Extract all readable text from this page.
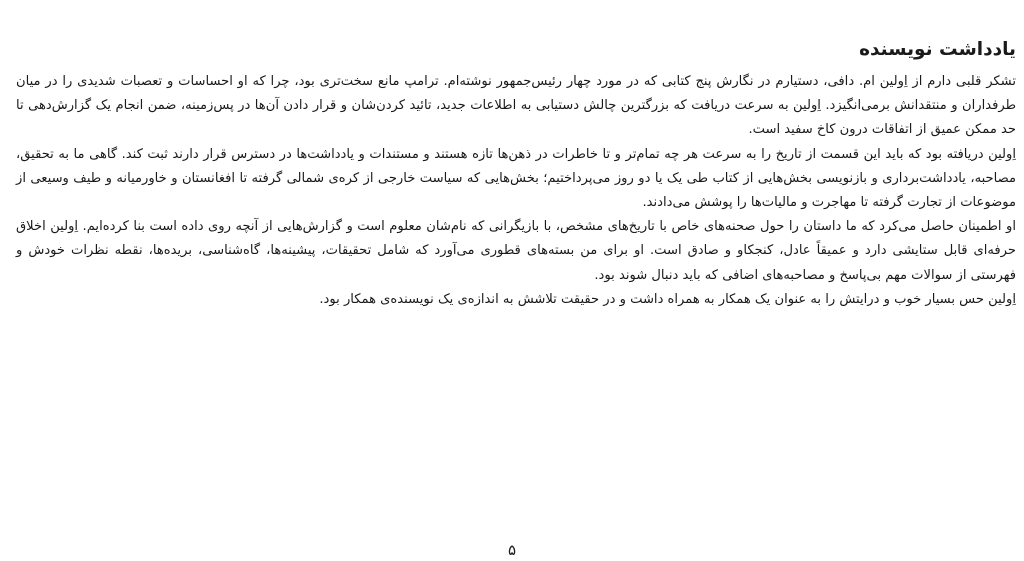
یادداشت نویسنده

تشکر قلبی دارم از اِولین ام. دافی، دستیارم در نگارش پنج کتابی که در مورد چهار رئیس‌جمهور نوشته‌ام. ترامپ مانع سخت‌تری بود، چرا که او احساسات و تعصبات شدیدی را در میان طرفداران و منتقدانش برمی‌انگیزد. اِولین به سرعت دریافت که بزرگترین چالش دستیابی به اطلاعات جدید، تائید کردن‌شان و قرار دادن آن‌ها در پس‌زمینه، ضمن انجام یک گزارش‌دهی تا حد ممکن عمیق از اتفاقات درون کاخ سفید است.

اِولین دریافته بود که باید این قسمت از تاریخ را به سرعت هر چه تمام‌تر و تا خاطرات در ذهن‌ها تازه هستند و مستندات و یادداشت‌ها در دسترس قرار دارند ثبت کند. گاهی ما به تحقیق، مصاحبه، یادداشت‌برداری و بازنویسی بخش‌هایی از کتاب طی یک یا دو روز می‌پرداختیم؛ بخش‌هایی که سیاست خارجی از کره‌ی شمالی گرفته تا افغانستان و خاورمیانه و طیف وسیعی از موضوعات از تجارت گرفته تا مهاجرت و مالیات‌ها را پوشش می‌دادند.

او اطمینان حاصل می‌کرد که ما داستان را حول صحنه‌های خاص با تاریخ‌های مشخص، با بازیگرانی که نام‌شان معلوم است و گزارش‌هایی از آنچه روی داده است بنا کرده‌ایم. اِولین اخلاق حرفه‌ای قابل ستایشی دارد و عمیقاً عادل، کنجکاو و صادق است. او برای من بسته‌های قطوری می‌آورد که شامل تحقیقات، پیشینه‌ها، گاه‌شناسی، بریده‌ها، نقطه نظرات خودش و فهرستی از سوالات مهم بی‌پاسخ و مصاحبه‌های اضافی که باید دنبال شوند بود.

اِولین حس بسیار خوب و درایتش را به عنوان یک همکار به همراه داشت و در حقیقت تلاشش به اندازه‌ی یک نویسنده‌ی همکار بود.

۵
